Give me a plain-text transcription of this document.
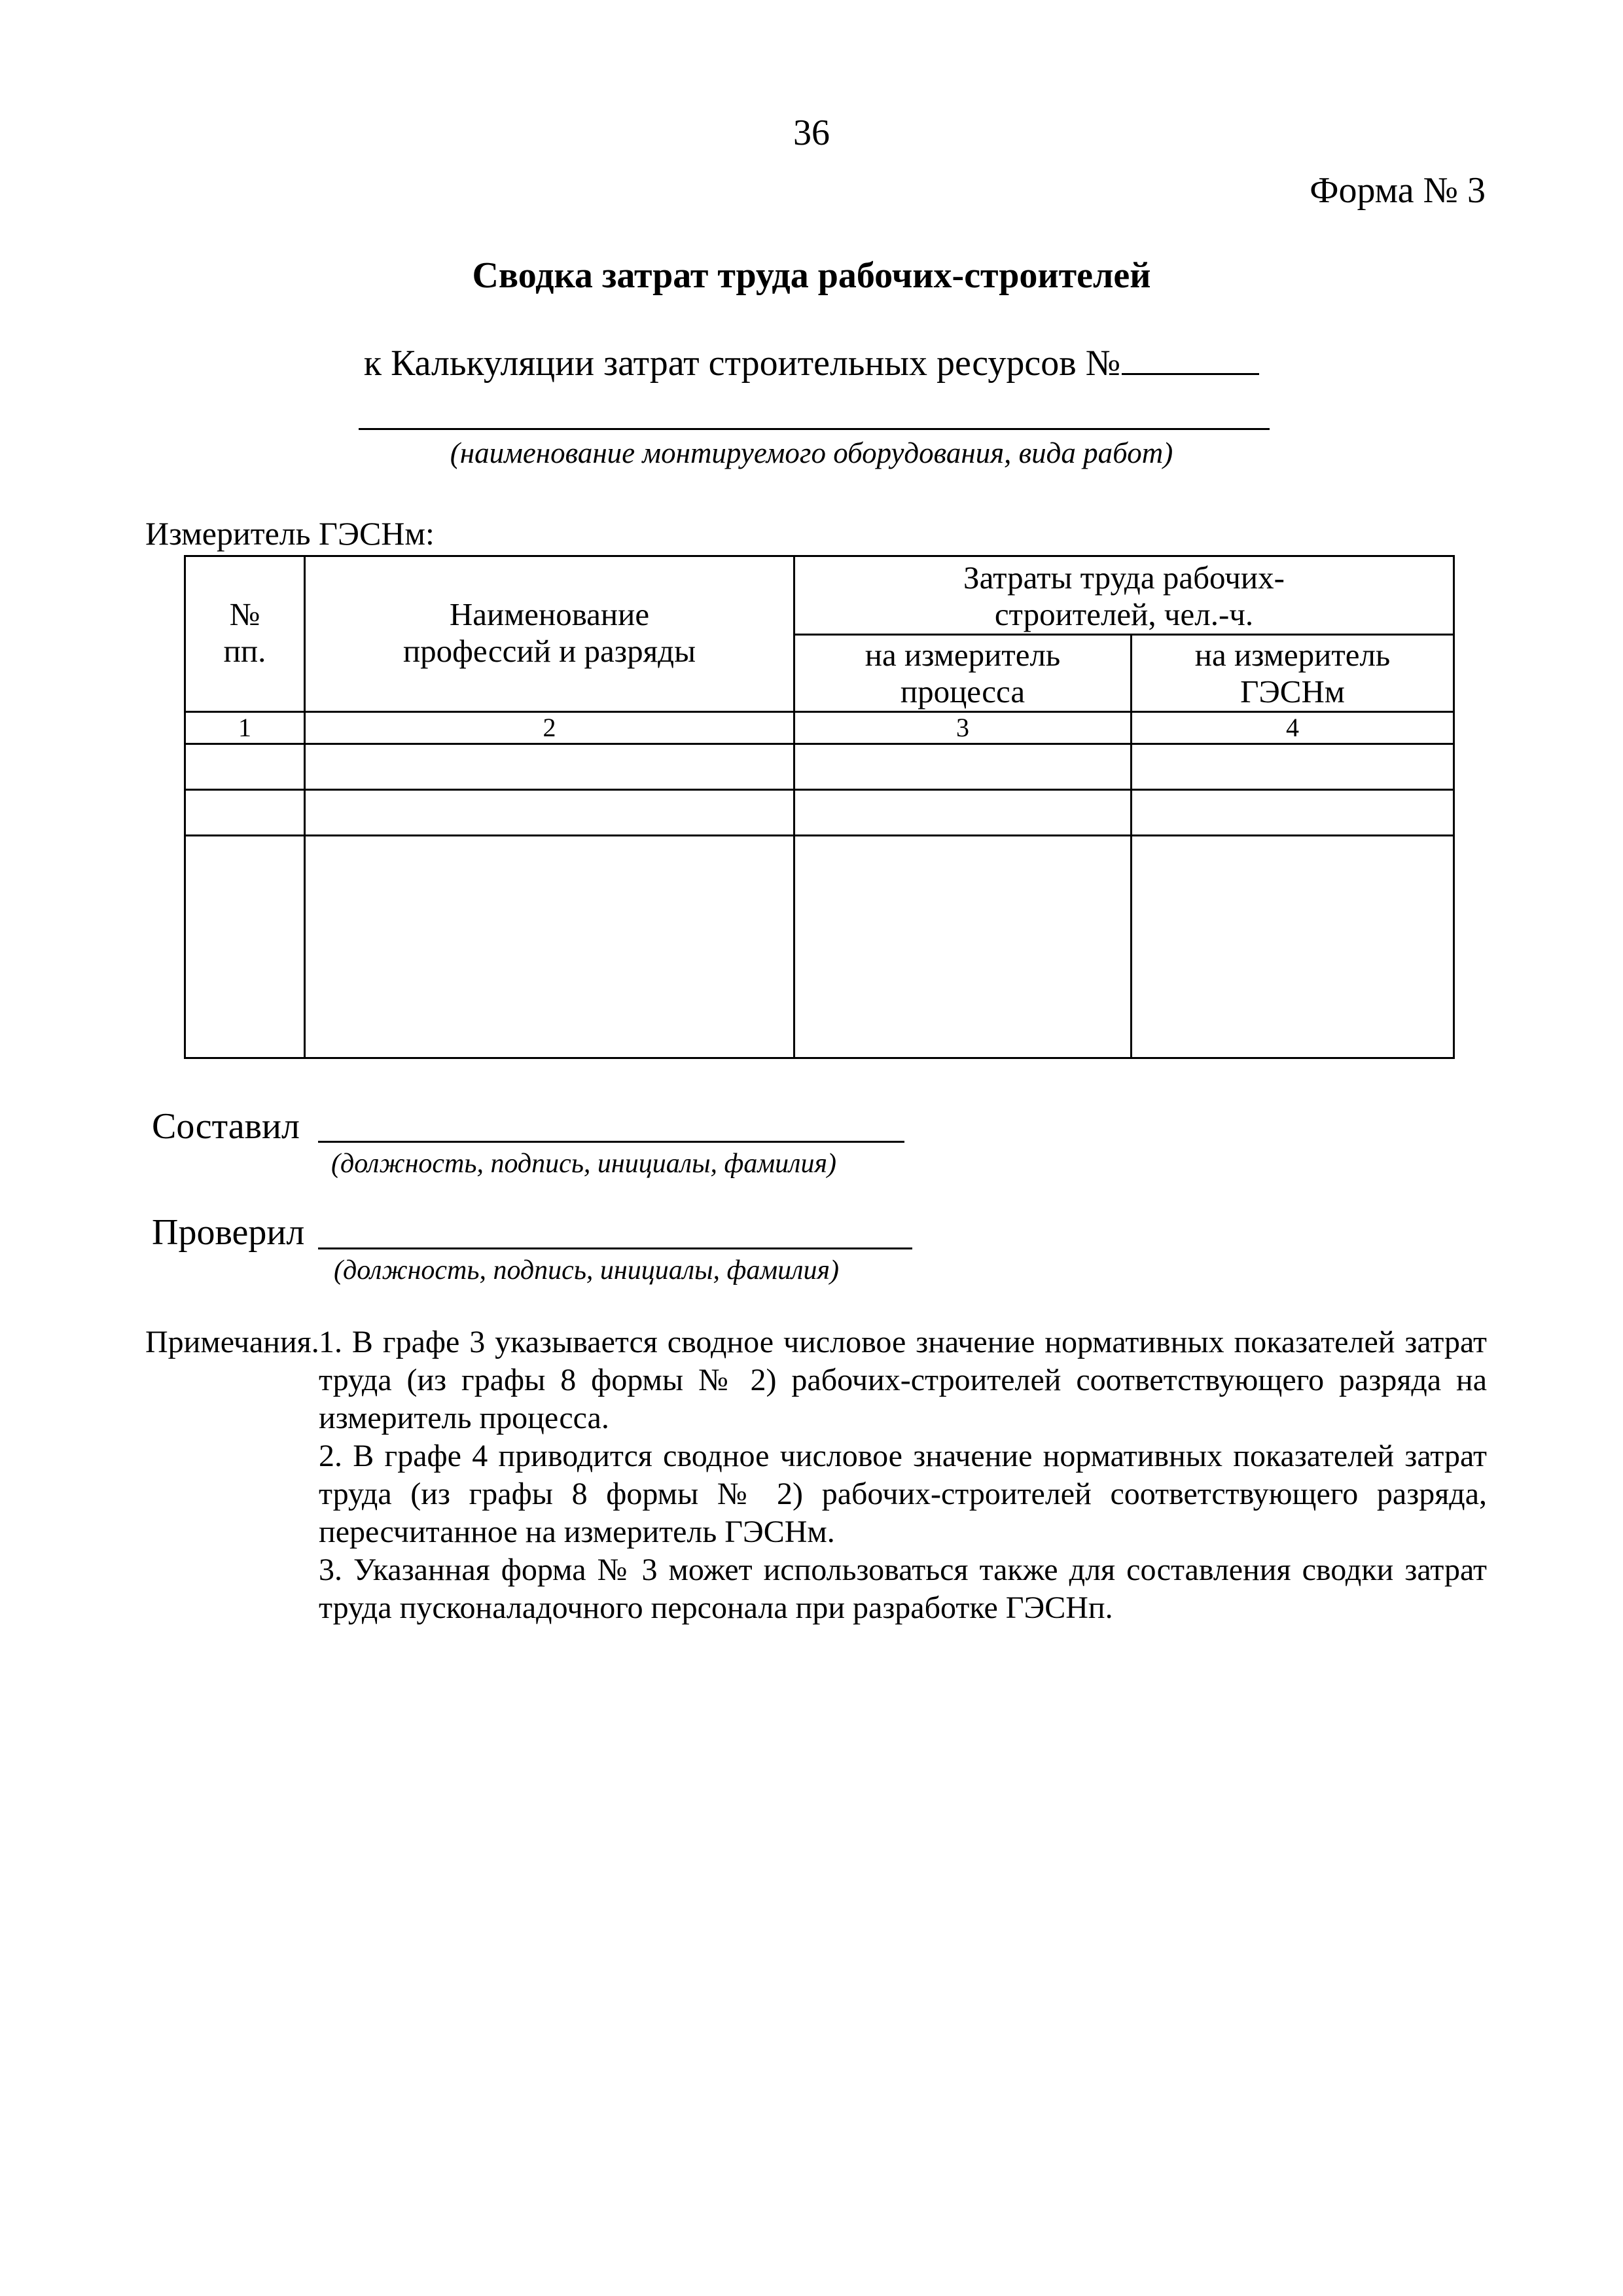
36
Форма № 3
Сводка затрат труда рабочих-строителей
к Калькуляции затрат строительных ресурсов №
(наименование монтируемого оборудования, вида работ)
Измеритель ГЭСНм:
№ пп.	Наименование профессий и разряды	Затраты труда рабочих-строителей, чел.-ч.	
		на измеритель процесса	на измеритель ГЭСНм
1	2	3	4

Составил
(должность, подпись, инициалы, фамилия)
Проверил
(должность, подпись, инициалы, фамилия)
Примечания. 1. В графе 3 указывается сводное числовое значение нормативных показателей затрат труда (из графы 8 формы № 2) рабочих-строителей соответствующего разряда на измеритель процесса.
2. В графе 4 приводится сводное числовое значение нормативных показателей затрат труда (из графы 8 формы № 2) рабочих-строителей соответствующего разряда, пересчитанное на измеритель ГЭСНм.
3. Указанная форма № 3 может использоваться также для составления сводки затрат труда пусконаладочного персонала при разработке ГЭСНп.
